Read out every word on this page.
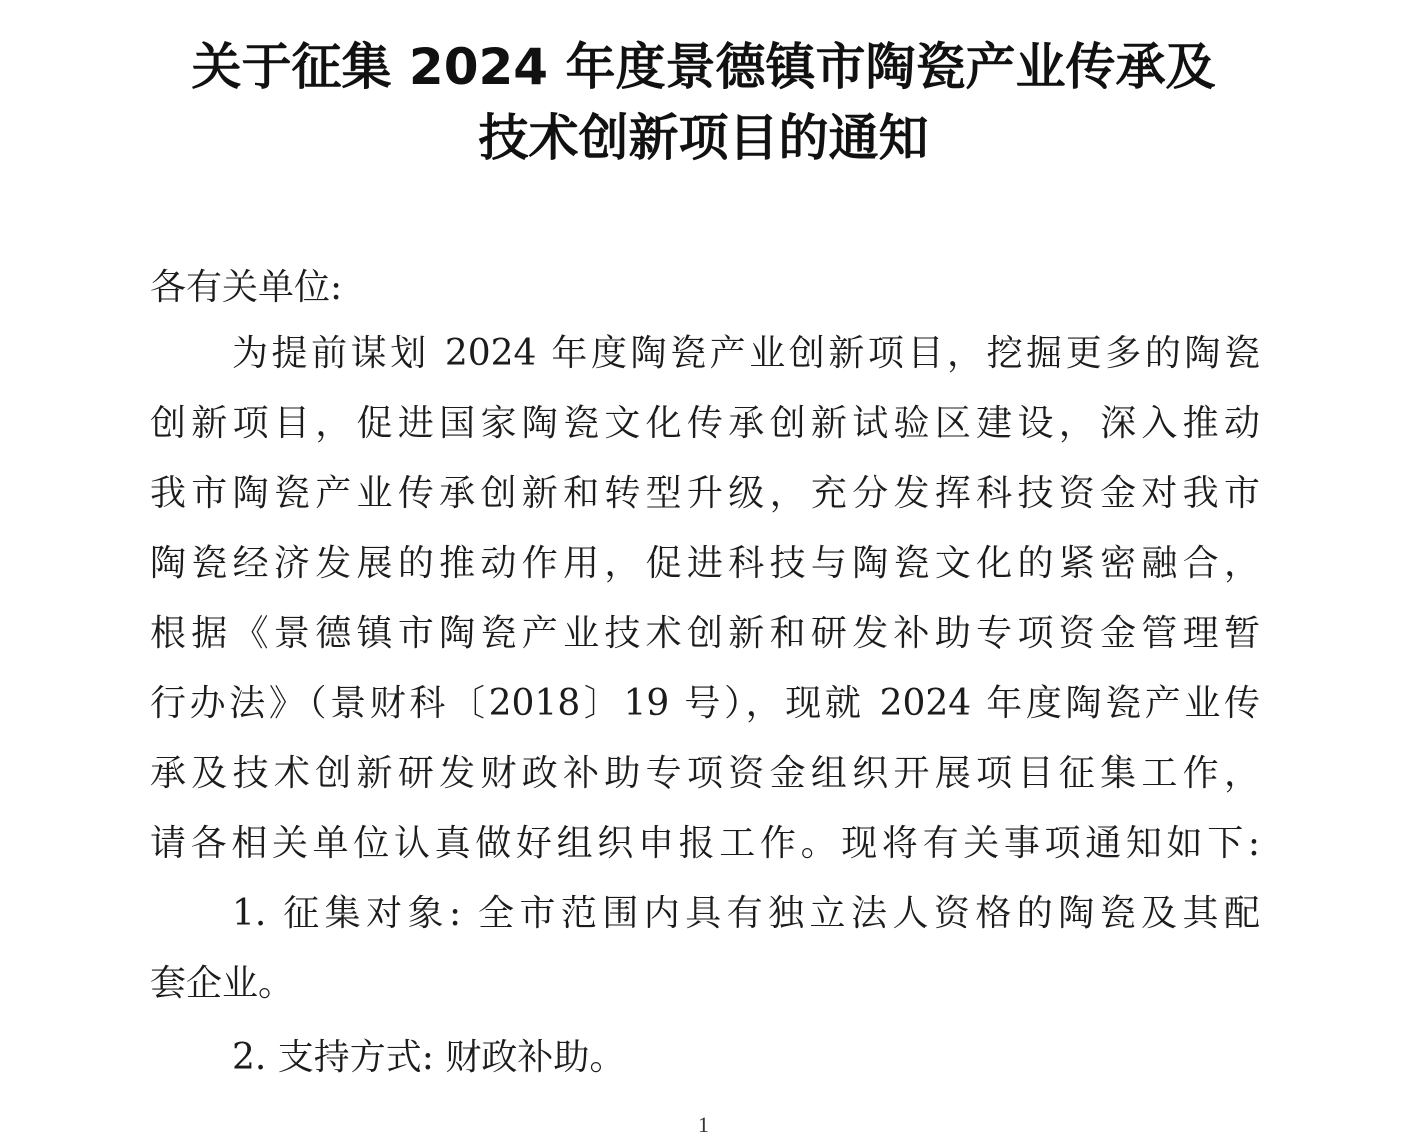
关于征集 2024 年度景德镇市陶瓷产业传承及
技术创新项目的通知
各有关单位:
为提前谋划 2024 年度陶瓷产业创新项目，挖掘更多的陶瓷
创新项目，促进国家陶瓷文化传承创新试验区建设，深入推动
我市陶瓷产业传承创新和转型升级，充分发挥科技资金对我市
陶瓷经济发展的推动作用，促进科技与陶瓷文化的紧密融合，
根据《景德镇市陶瓷产业技术创新和研发补助专项资金管理暂
行办法》（景财科〔2018〕19 号），现就 2024 年度陶瓷产业传
承及技术创新研发财政补助专项资金组织开展项目征集工作，
请各相关单位认真做好组织申报工作。现将有关事项通知如下:
1. 征集对象: 全市范围内具有独立法人资格的陶瓷及其配
套企业。
2. 支持方式: 财政补助。
1
